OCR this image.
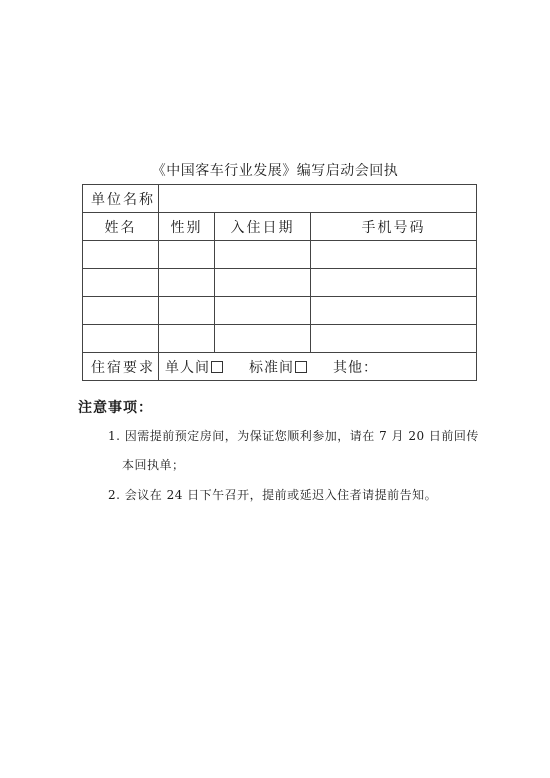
《中国客车行业发展》编写启动会回执
单位名称			
姓名	性别	入住日期	手机号码

住宿要求	单人间 标准间 其他：		
注意事项：
1. 因需提前预定房间，为保证您顺利参加，请在 7 月 20 日前回传
本回执单；
2. 会议在 24 日下午召开，提前或延迟入住者请提前告知。
